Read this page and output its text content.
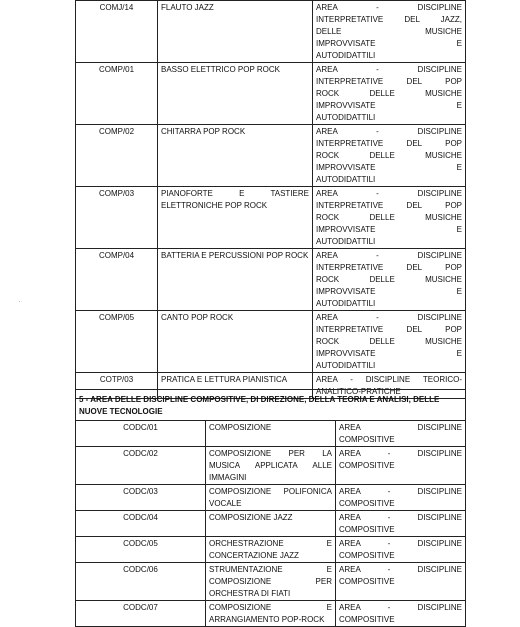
COMJ/14	FLAUTO JAZZ	AREA - DISCIPLINE
INTERPRETATIVE DEL JAZZ,
DELLE MUSICHE
IMPROVVISATE E
AUTODIDATTILI

COMP/01	BASSO ELETTRICO POP ROCK	AREA - DISCIPLINE
INTERPRETATIVE DEL POP
ROCK DELLE MUSICHE
IMPROVVISATE E
AUTODIDATTILI

COMP/02	CHITARRA POP ROCK	AREA - DISCIPLINE
INTERPRETATIVE DEL POP
ROCK DELLE MUSICHE
IMPROVVISATE E
AUTODIDATTILI

COMP/03	PIANOFORTE E TASTIERE ELETTRONICHE POP ROCK	AREA - DISCIPLINE
INTERPRETATIVE DEL POP
ROCK DELLE MUSICHE
IMPROVVISATE E
AUTODIDATTILI

COMP/04	BATTERIA E PERCUSSIONI POP ROCK	AREA - DISCIPLINE
INTERPRETATIVE DEL POP
ROCK DELLE MUSICHE
IMPROVVISATE E
AUTODIDATTILI

COMP/05	CANTO POP ROCK	AREA - DISCIPLINE
INTERPRETATIVE DEL POP
ROCK DELLE MUSICHE
IMPROVVISATE E
AUTODIDATTILI

COTP/03	PRATICA E LETTURA PIANISTICA	AREA - DISCIPLINE TEORICO-
ANALITICO-PRATICHE
5 - AREA DELLE DISCIPLINE COMPOSITIVE, DI DIREZIONE, DELLA TEORIA E ANALISI, DELLE NUOVE TECNOLOGIE		
CODC/01	COMPOSIZIONE	AREA DISCIPLINE
COMPOSITIVE

CODC/02	COMPOSIZIONE PER LA MUSICA APPLICATA ALLE IMMAGINI	AREA - DISCIPLINE
COMPOSITIVE

CODC/03	COMPOSIZIONE POLIFONICA VOCALE	AREA - DISCIPLINE
COMPOSITIVE

CODC/04	COMPOSIZIONE JAZZ	AREA - DISCIPLINE
COMPOSITIVE

CODC/05	ORCHESTRAZIONE E CONCERTAZIONE JAZZ	AREA - DISCIPLINE
COMPOSITIVE

CODC/06	STRUMENTAZIONE E COMPOSIZIONE PER ORCHESTRA DI FIATI	AREA - DISCIPLINE
COMPOSITIVE

CODC/07	COMPOSIZIONE E ARRANGIAMENTO POP-ROCK	AREA - DISCIPLINE
COMPOSITIVE
